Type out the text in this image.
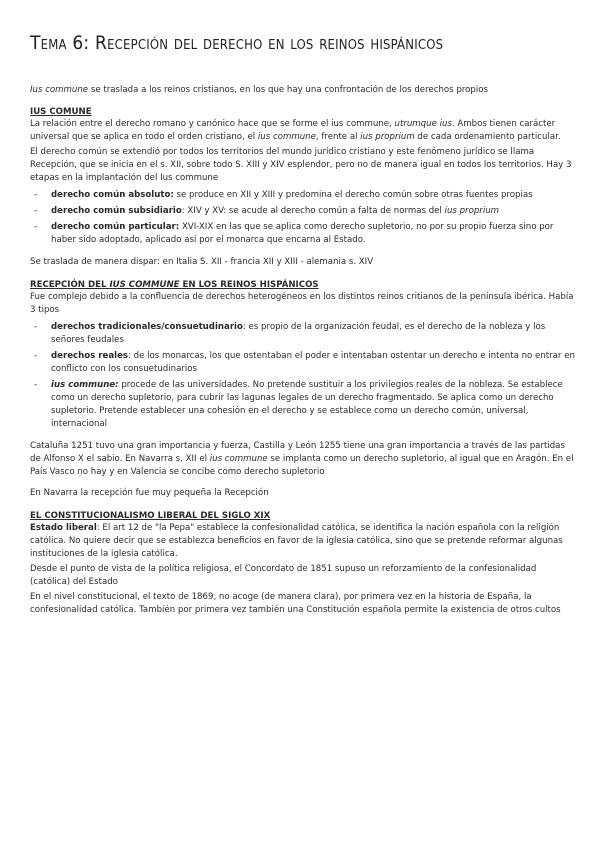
Tema 6: Recepción del derecho en los reinos hispánicos

Ius commune se traslada a los reinos cristianos, en los que hay una confrontación de los derechos propios

IUS COMUNE

La relación entre el derecho romano y canónico hace que se forme el ius commune, utrumque ius. Ambos tienen carácter universal que se aplica en todo el orden cristiano, el ius commune, frente al ius proprium de cada ordenamiento particular.

El derecho común se extendió por todos los territorios del mundo jurídico cristiano y este fenómeno jurídico se llama Recepción, que se inicia en el s. XII, sobre todo S. XIII y XIV esplendor, pero no de manera igual en todos los territorios. Hay 3 etapas en la implantación del Ius commune

- derecho común absoluto: se produce en XII y XIII y predomina el derecho común sobre otras fuentes propias
- derecho común subsidiario: XIV y XV: se acude al derecho común a falta de normas del ius proprium
- derecho común particular: XVI-XIX en las que se aplica como derecho supletorio, no por su propio fuerza sino por haber sido adoptado, aplicado así por el monarca que encarna al Estado.

Se traslada de manera dispar: en Italia S. XII - francia XII y XIII - alemania s. XIV

RECEPCIÓN DEL IUS COMMUNE EN LOS REINOS HISPÁNICOS

Fue complejo debido a la confluencia de derechos heterogéneos en los distintos reinos critianos de la península ibérica. Había 3 tipos

- derechos tradicionales/consuetudinario: es propio de la organización feudal, es el derecho de la nobleza y los señores feudales
- derechos reales: de los monarcas, los que ostentaban el poder e intentaban ostentar un derecho e intenta no entrar en conflicto con los consuetudinarios
- ius commune: procede de las universidades. No pretende sustituir a los privilegios reales de la nobleza. Se establece como un derecho supletorio, para cubrir las lagunas legales de un derecho fragmentado. Se aplica como un derecho supletorio. Pretende establecer una cohesión en el derecho y se establece como un derecho común, universal, internacional

Cataluña 1251 tuvo una gran importancia y fuerza, Castilla y León 1255 tiene una gran importancia a través de las partidas de Alfonso X el sabio. En Navarra s. XII el ius commune se implanta como un derecho supletorio, al igual que en Aragón. En el País Vasco no hay y en Valencia se concibe como derecho supletorio

En Navarra la recepción fue muy pequeña la Recepción

EL CONSTITUCIONALISMO LIBERAL DEL SIGLO XIX

Estado liberal: El art 12 de "la Pepa" establece la confesionalidad católica, se identifica la nación española con la religión católica. No quiere decir que se establezca beneficios en favor de la iglesia católica, sino que se pretende reformar algunas instituciones de la iglesia católica.

Desde el punto de vista de la política religiosa, el Concordato de 1851 supuso un reforzamiento de la confesionalidad (católica) del Estado

En el nivel constitucional, el texto de 1869, no acoge (de manera clara), por primera vez en la historia de España, la confesionalidad católica. También por primera vez también una Constitución española permite la existencia de otros cultos
